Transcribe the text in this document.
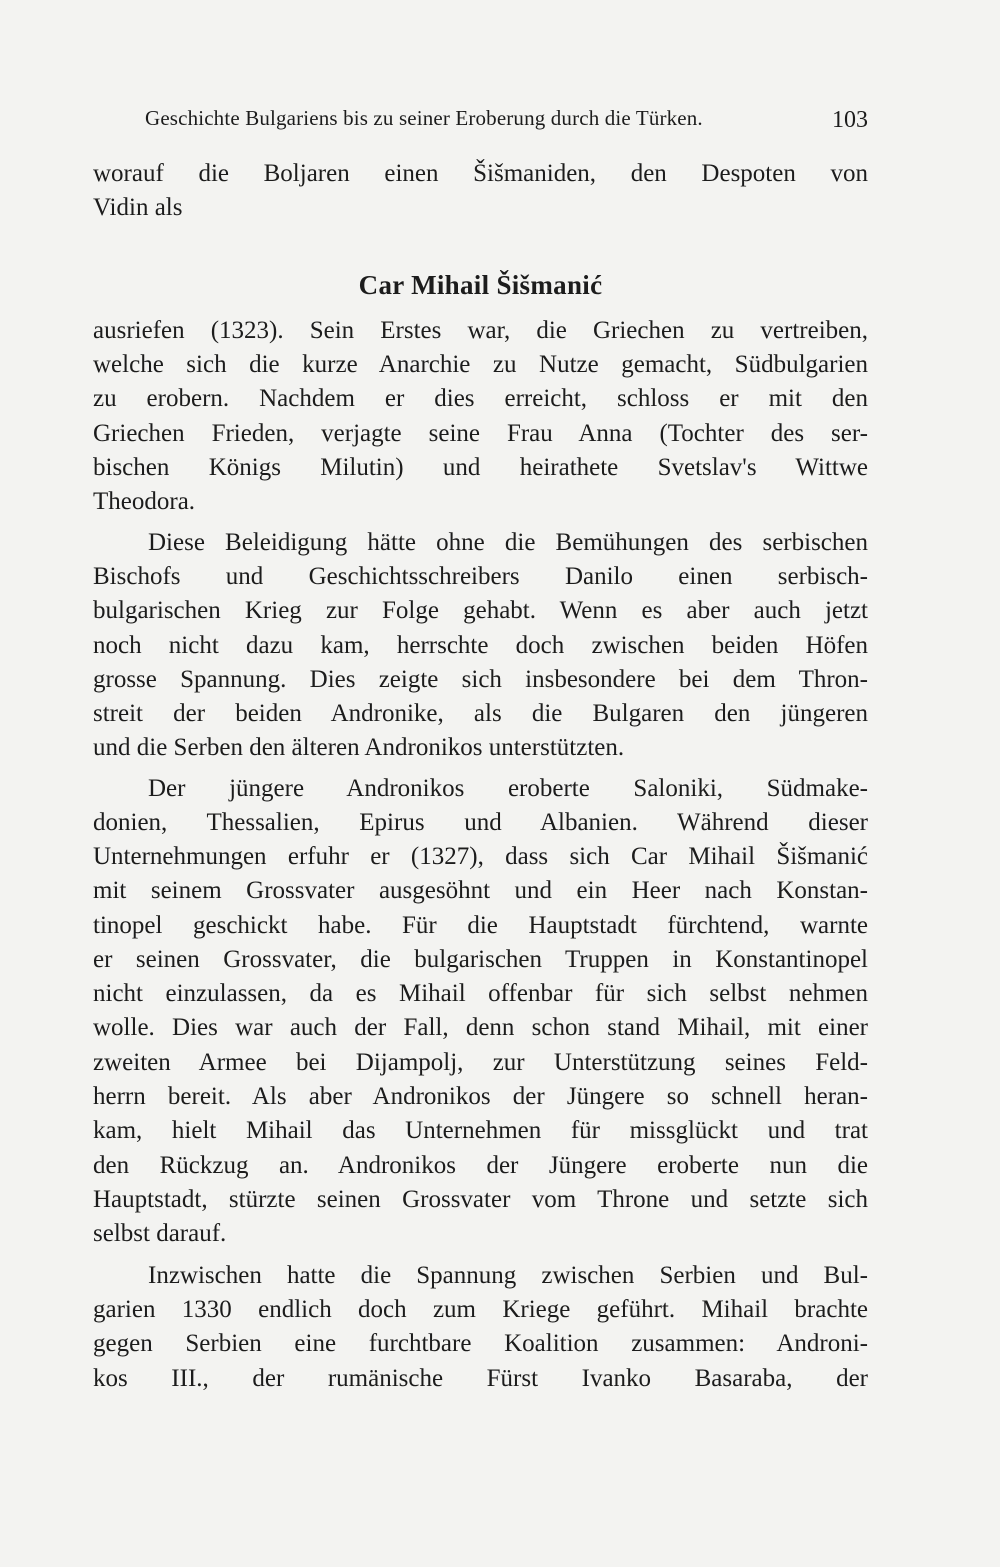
Geschichte Bulgariens bis zu seiner Eroberung durch die Türken.	103
worauf die Boljaren einen Šišmaniden, den Despoten von
Vidin als
Car Mihail Šišmanić
ausriefen (1323). Sein Erstes war, die Griechen zu vertreiben,
welche sich die kurze Anarchie zu Nutze gemacht, Südbulgarien
zu erobern. Nachdem er dies erreicht, schloss er mit den
Griechen Frieden, verjagte seine Frau Anna (Tochter des ser-
bischen Königs Milutin) und heirathete Svetslav's Wittwe
Theodora.
Diese Beleidigung hätte ohne die Bemühungen des serbischen
Bischofs und Geschichtsschreibers Danilo einen serbisch-
bulgarischen Krieg zur Folge gehabt. Wenn es aber auch jetzt
noch nicht dazu kam, herrschte doch zwischen beiden Höfen
grosse Spannung. Dies zeigte sich insbesondere bei dem Thron-
streit der beiden Andronike, als die Bulgaren den jüngeren
und die Serben den älteren Andronikos unterstützten.
Der jüngere Andronikos eroberte Saloniki, Südmake-
donien, Thessalien, Epirus und Albanien. Während dieser
Unternehmungen erfuhr er (1327), dass sich Car Mihail Šišmanić
mit seinem Grossvater ausgesöhnt und ein Heer nach Konstan-
tinopel geschickt habe. Für die Hauptstadt fürchtend, warnte
er seinen Grossvater, die bulgarischen Truppen in Konstantinopel
nicht einzulassen, da es Mihail offenbar für sich selbst nehmen
wolle. Dies war auch der Fall, denn schon stand Mihail, mit einer
zweiten Armee bei Dijampolj, zur Unterstützung seines Feld-
herrn bereit. Als aber Andronikos der Jüngere so schnell heran-
kam, hielt Mihail das Unternehmen für missglückt und trat
den Rückzug an. Andronikos der Jüngere eroberte nun die
Hauptstadt, stürzte seinen Grossvater vom Throne und setzte sich
selbst darauf.
Inzwischen hatte die Spannung zwischen Serbien und Bul-
garien 1330 endlich doch zum Kriege geführt. Mihail brachte
gegen Serbien eine furchtbare Koalition zusammen: Androni-
kos III., der rumänische Fürst Ivanko Basaraba, der
